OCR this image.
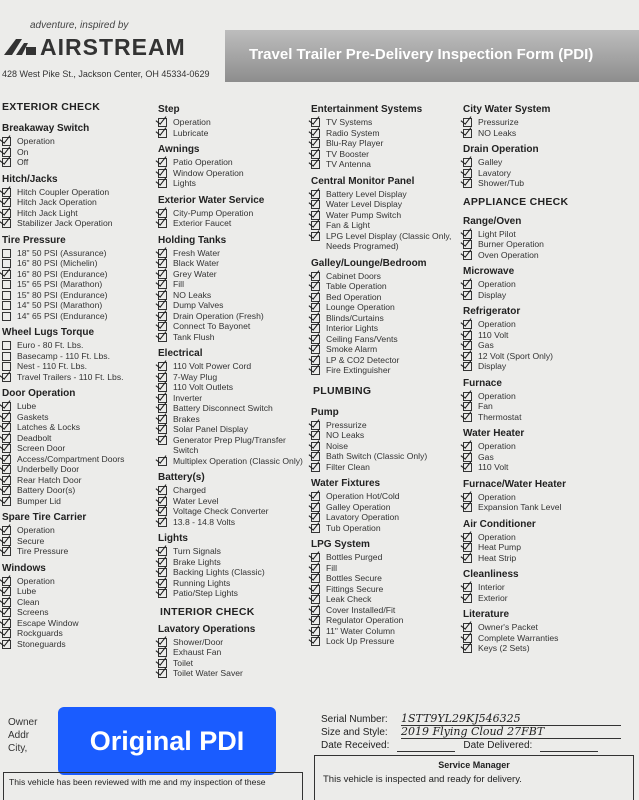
adventure, inspired by
AIRSTREAM
428 West Pike St., Jackson Center, OH 45334-0629
Travel Trailer Pre-Delivery Inspection Form (PDI)
EXTERIOR CHECK
Breakaway Switch
Operation
On
Off
Hitch/Jacks
Hitch Coupler Operation
Hitch Jack Operation
Hitch Jack Light
Stabilizer Jack Operation
Tire Pressure
18" 50 PSI (Assurance)
16" 80 PSI (Michelin)
16" 80 PSI (Endurance)
15" 65 PSI (Marathon)
15" 80 PSI (Endurance)
14" 50 PSI (Marathon)
14" 65 PSI (Endurance)
Wheel Lugs Torque
Euro - 80 Ft. Lbs.
Basecamp - 110 Ft. Lbs.
Nest - 110 Ft. Lbs.
Travel Trailers - 110 Ft. Lbs.
Door Operation
Lube
Gaskets
Latches & Locks
Deadbolt
Screen Door
Access/Compartment Doors
Underbelly Door
Rear Hatch Door
Battery Door(s)
Bumper Lid
Spare Tire Carrier
Operation
Secure
Tire Pressure
Windows
Operation
Lube
Clean
Screens
Escape Window
Rockguards
Stoneguards
Step
Operation
Lubricate
Awnings
Patio Operation
Window Operation
Lights
Exterior Water Service
City-Pump Operation
Exterior Faucet
Holding Tanks
Fresh Water
Black Water
Grey Water
Fill
NO Leaks
Dump Valves
Drain Operation (Fresh)
Connect To Bayonet
Tank Flush
Electrical
110 Volt Power Cord
7-Way Plug
110 Volt Outlets
Inverter
Battery Disconnect Switch
Brakes
Solar Panel Display
Generator Prep Plug/Transfer Switch
Multiplex Operation (Classic Only)
Battery(s)
Charged
Water Level
Voltage Check Converter
13.8 - 14.8 Volts
Lights
Turn Signals
Brake Lights
Backing Lights (Classic)
Running Lights
Patio/Step Lights
INTERIOR CHECK
Lavatory Operations
Shower/Door
Exhaust Fan
Toilet
Toilet Water Saver
Entertainment Systems
TV Systems
Radio System
Blu-Ray Player
TV Booster
TV Antenna
Central Monitor Panel
Battery Level Display
Water Level Display
Water Pump Switch
Fan & Light
LPG Level Display (Classic Only, Needs Programed)
Galley/Lounge/Bedroom
Cabinet Doors
Table Operation
Bed Operation
Lounge Operation
Blinds/Curtains
Interior Lights
Ceiling Fans/Vents
Smoke Alarm
LP & CO2 Detector
Fire Extinguisher
PLUMBING
Pump
Pressurize
NO Leaks
Noise
Bath Switch (Classic Only)
Filter Clean
Water Fixtures
Operation Hot/Cold
Galley Operation
Lavatory Operation
Tub Operation
LPG System
Bottles Purged
Fill
Bottles Secure
Fittings Secure
Leak Check
Cover Installed/Fit
Regulator Operation
11" Water Column
Lock Up Pressure
City Water System
Pressurize
NO Leaks
Drain Operation
Galley
Lavatory
Shower/Tub
APPLIANCE CHECK
Range/Oven
Light Pilot
Burner Operation
Oven Operation
Microwave
Operation
Display
Refrigerator
Operation
110 Volt
Gas
12 Volt (Sport Only)
Display
Furnace
Operation
Fan
Thermostat
Water Heater
Operation
Gas
110 Volt
Furnace/Water Heater
Operation
Expansion Tank Level
Air Conditioner
Operation
Heat Pump
Heat Strip
Cleanliness
Interior
Exterior
Literature
Owner's Packet
Complete Warranties
Keys (2 Sets)
Owner
Addr
City,	Original PDI
Serial Number:	1STT9YL29KJ546325
Size and Style:	2019 Flying Cloud 27FBT
Date Received:	Date Delivered:
This vehicle has been reviewed with me and my inspection of these
Service Manager
This vehicle is inspected and ready for delivery.
